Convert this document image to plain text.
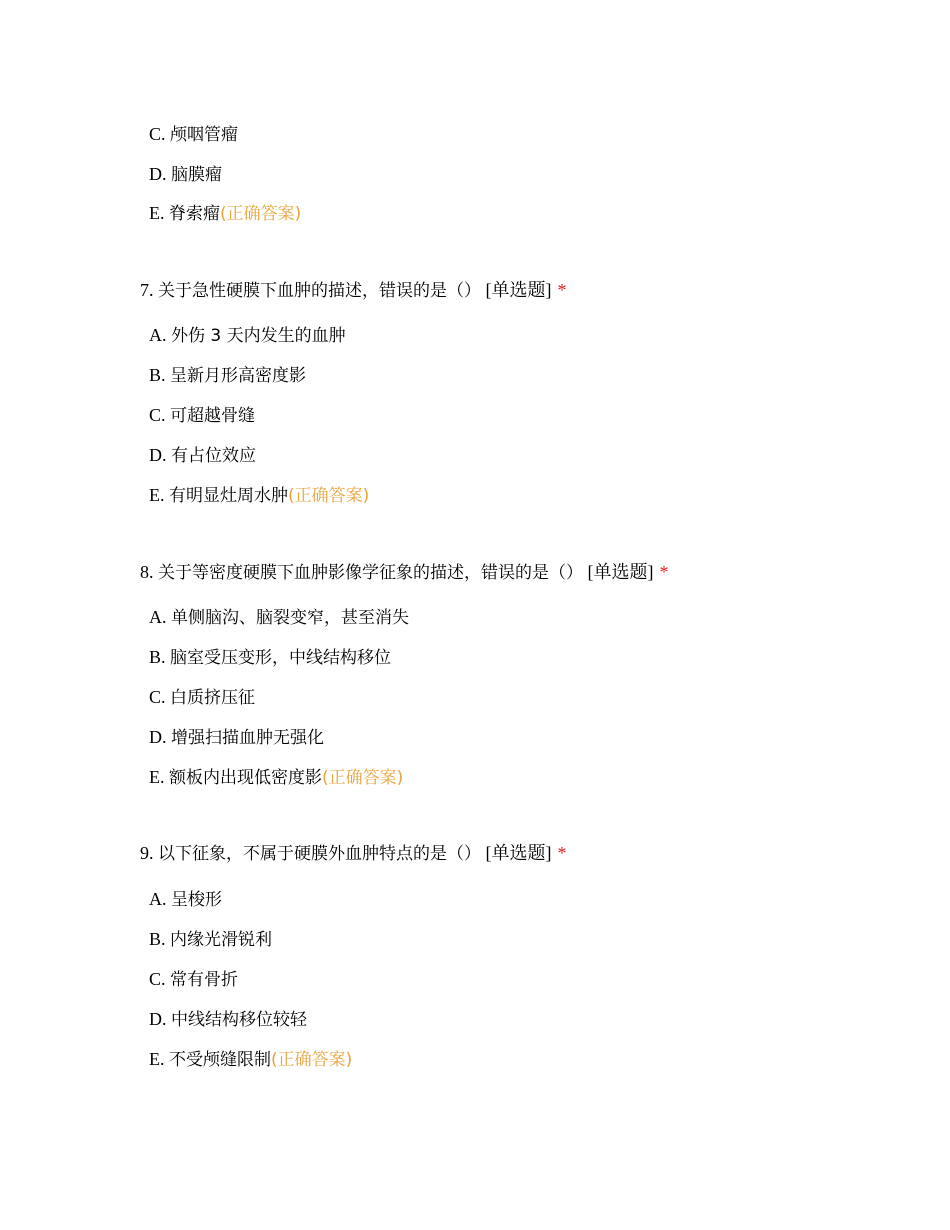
C. 颅咽管瘤
D. 脑膜瘤
E. 脊索瘤(正确答案)
7. 关于急性硬膜下血肿的描述，错误的是（） [单选题] *
A. 外伤 3 天内发生的血肿
B. 呈新月形高密度影
C. 可超越骨缝
D. 有占位效应
E. 有明显灶周水肿(正确答案)
8. 关于等密度硬膜下血肿影像学征象的描述，错误的是（） [单选题] *
A. 单侧脑沟、脑裂变窄，甚至消失
B. 脑室受压变形，中线结构移位
C. 白质挤压征
D. 增强扫描血肿无强化
E. 额板内出现低密度影(正确答案)
9. 以下征象，不属于硬膜外血肿特点的是（） [单选题] *
A. 呈梭形
B. 内缘光滑锐利
C. 常有骨折
D. 中线结构移位较轻
E. 不受颅缝限制(正确答案)
